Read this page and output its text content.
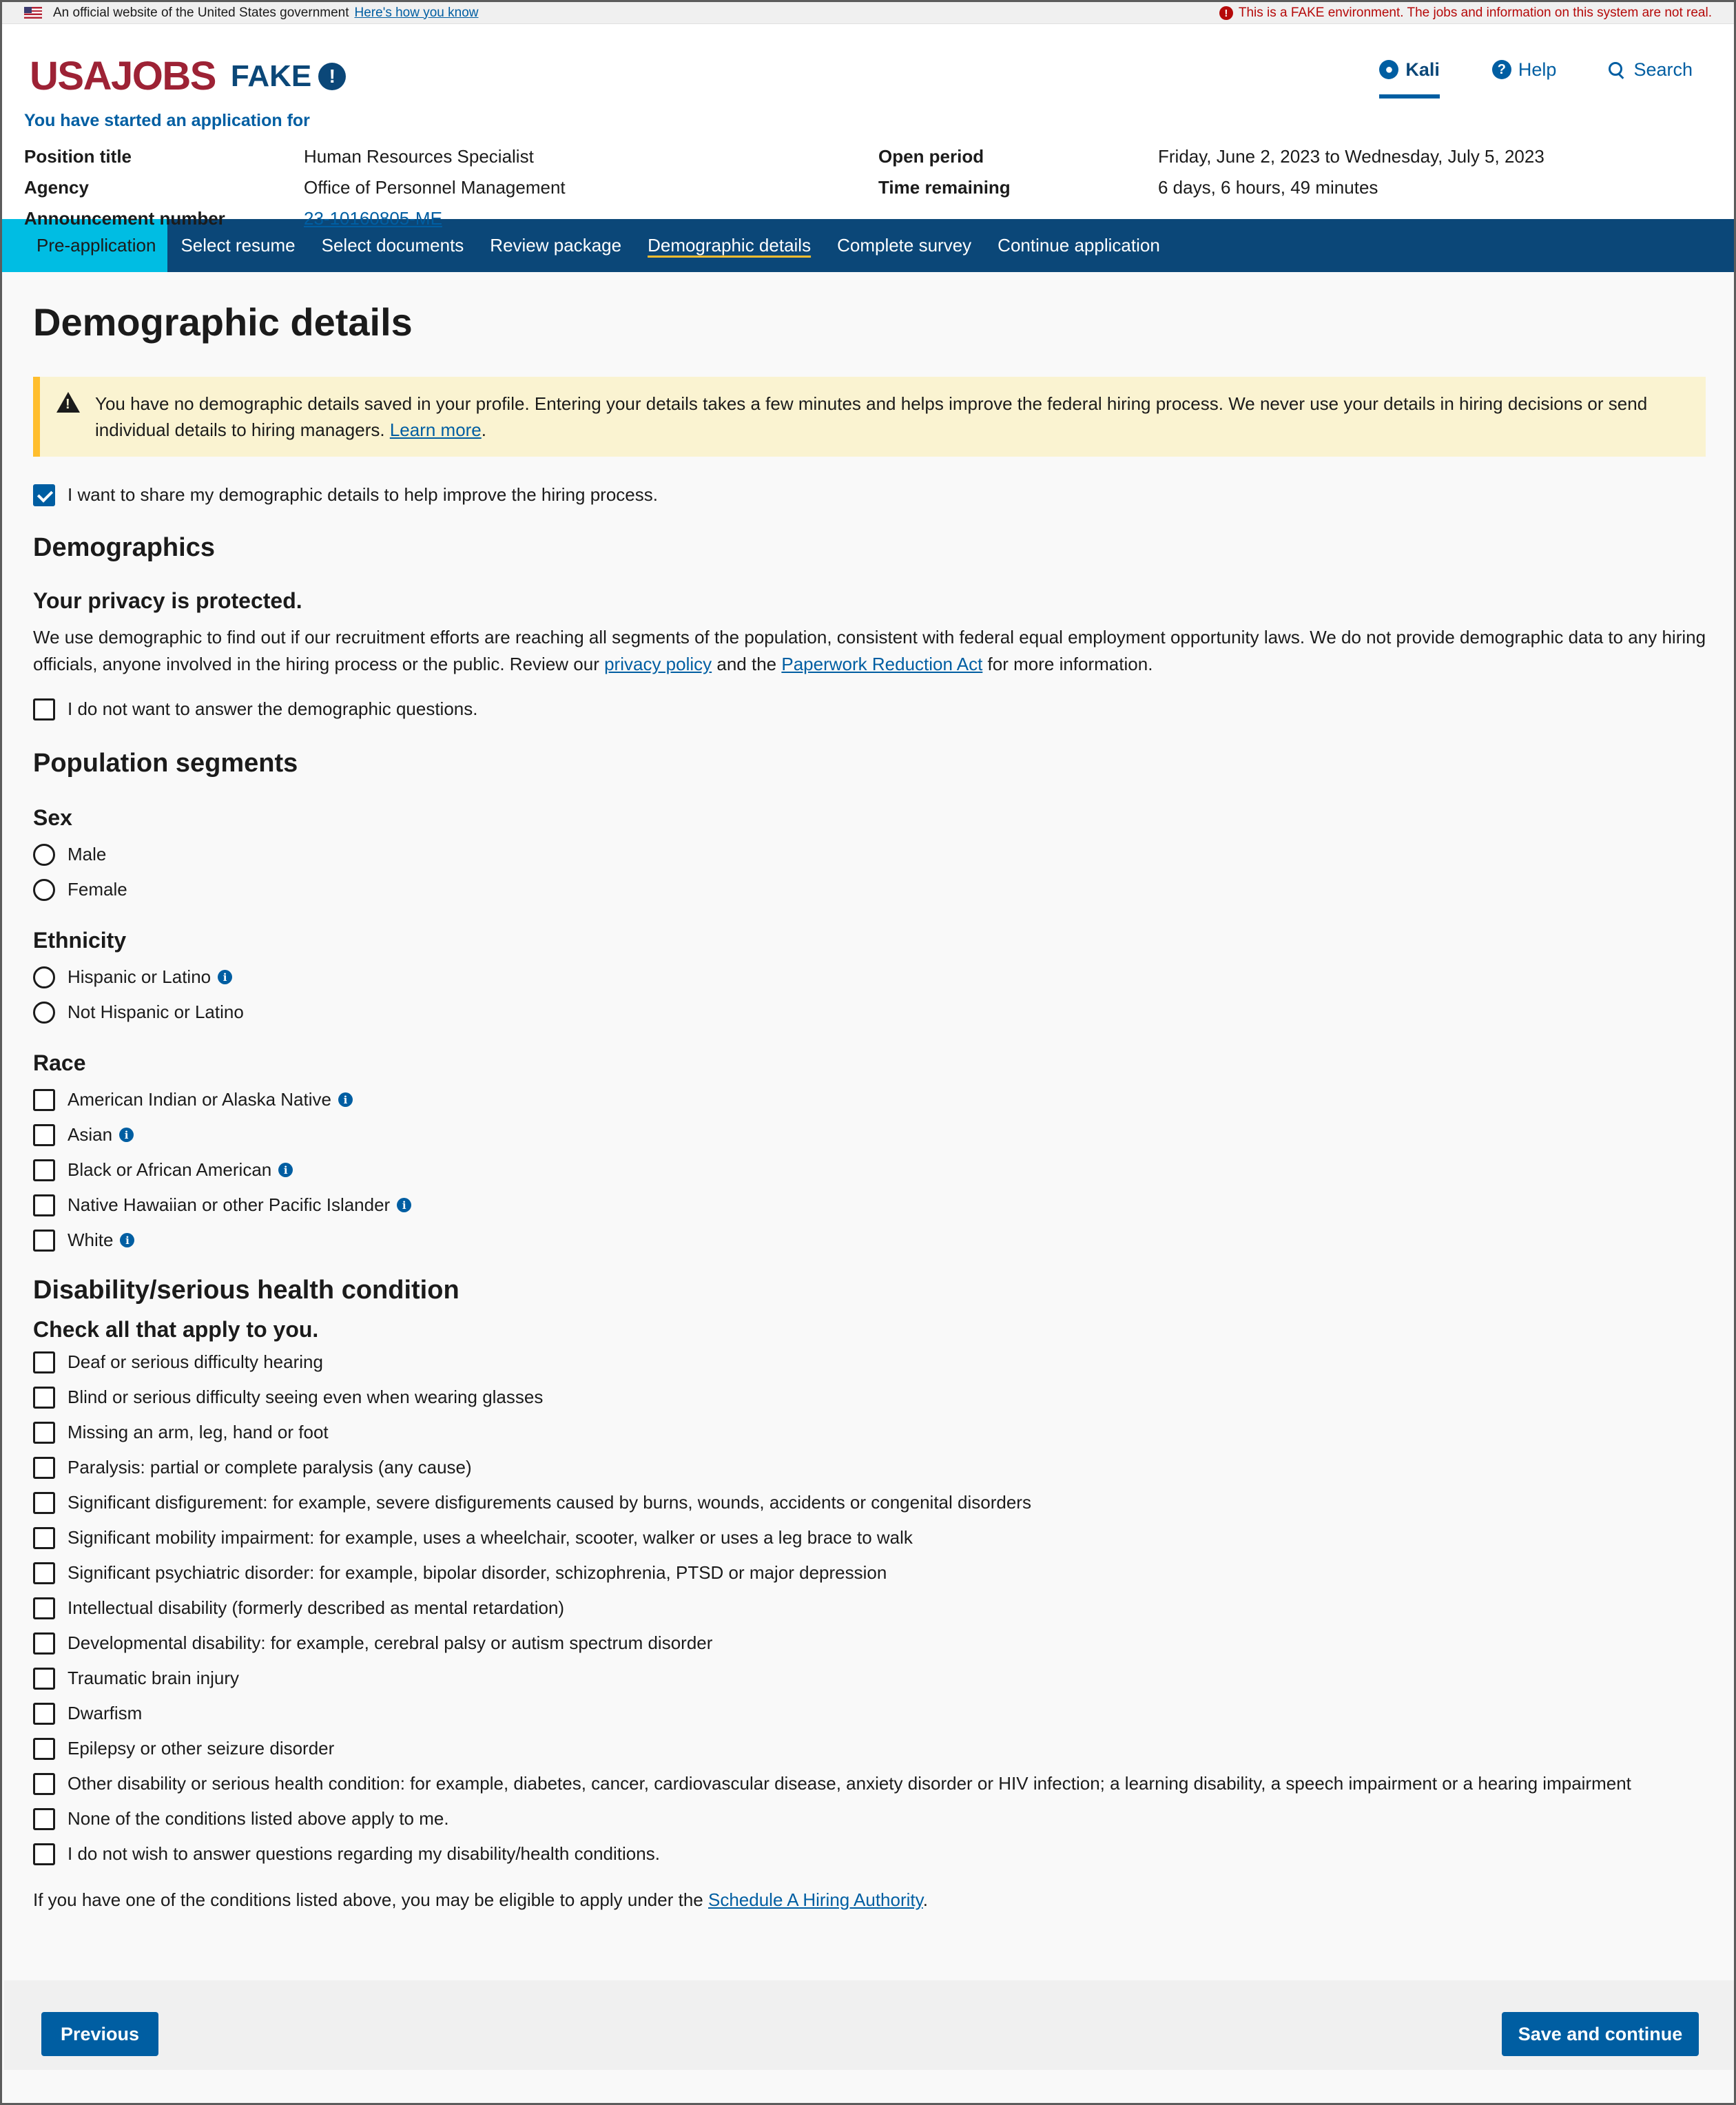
An official website of the United States government Here's how you know	! This is a FAKE environment. The jobs and information on this system are not real.
USAJOBS FAKE !	● Kali	? Help	Search
You have started an application for
Position title	Human Resources Specialist	Open period	Friday, June 2, 2023 to Wednesday, July 5, 2023
Agency	Office of Personnel Management	Time remaining	6 days, 6 hours, 49 minutes
Announcement number	23-10160805-ME
Pre-application	Select resume	Select documents	Review package	Demographic details	Complete survey	Continue application
Demographic details
!
You have no demographic details saved in your profile. Entering your details takes a few minutes and helps improve the federal hiring process. We never use your details in hiring decisions or send individual details to hiring managers. Learn more.
I want to share my demographic details to help improve the hiring process.
Demographics
Your privacy is protected.

We use demographic to find out if our recruitment efforts are reaching all segments of the population, consistent with federal equal employment opportunity laws. We do not provide demographic data to any hiring officials, anyone involved in the hiring process or the public. Review our privacy policy and the Paperwork Reduction Act for more information.

I do not want to answer the demographic questions.
Population segments
Sex
Male
Female
Ethnicity
Hispanic or Latino	i
Not Hispanic or Latino
Race
American Indian or Alaska Native	i
Asian	i
Black or African American	i
Native Hawaiian or other Pacific Islander	i
White	i
Disability/serious health condition
Check all that apply to you.
Deaf or serious difficulty hearing
Blind or serious difficulty seeing even when wearing glasses
Missing an arm, leg, hand or foot
Paralysis: partial or complete paralysis (any cause)
Significant disfigurement: for example, severe disfigurements caused by burns, wounds, accidents or congenital disorders
Significant mobility impairment: for example, uses a wheelchair, scooter, walker or uses a leg brace to walk
Significant psychiatric disorder: for example, bipolar disorder, schizophrenia, PTSD or major depression
Intellectual disability (formerly described as mental retardation)
Developmental disability: for example, cerebral palsy or autism spectrum disorder
Traumatic brain injury
Dwarfism
Epilepsy or other seizure disorder
Other disability or serious health condition: for example, diabetes, cancer, cardiovascular disease, anxiety disorder or HIV infection; a learning disability, a speech impairment or a hearing impairment
None of the conditions listed above apply to me.
I do not wish to answer questions regarding my disability/health conditions.

If you have one of the conditions listed above, you may be eligible to apply under the Schedule A Hiring Authority.

Previous	Save and continue
